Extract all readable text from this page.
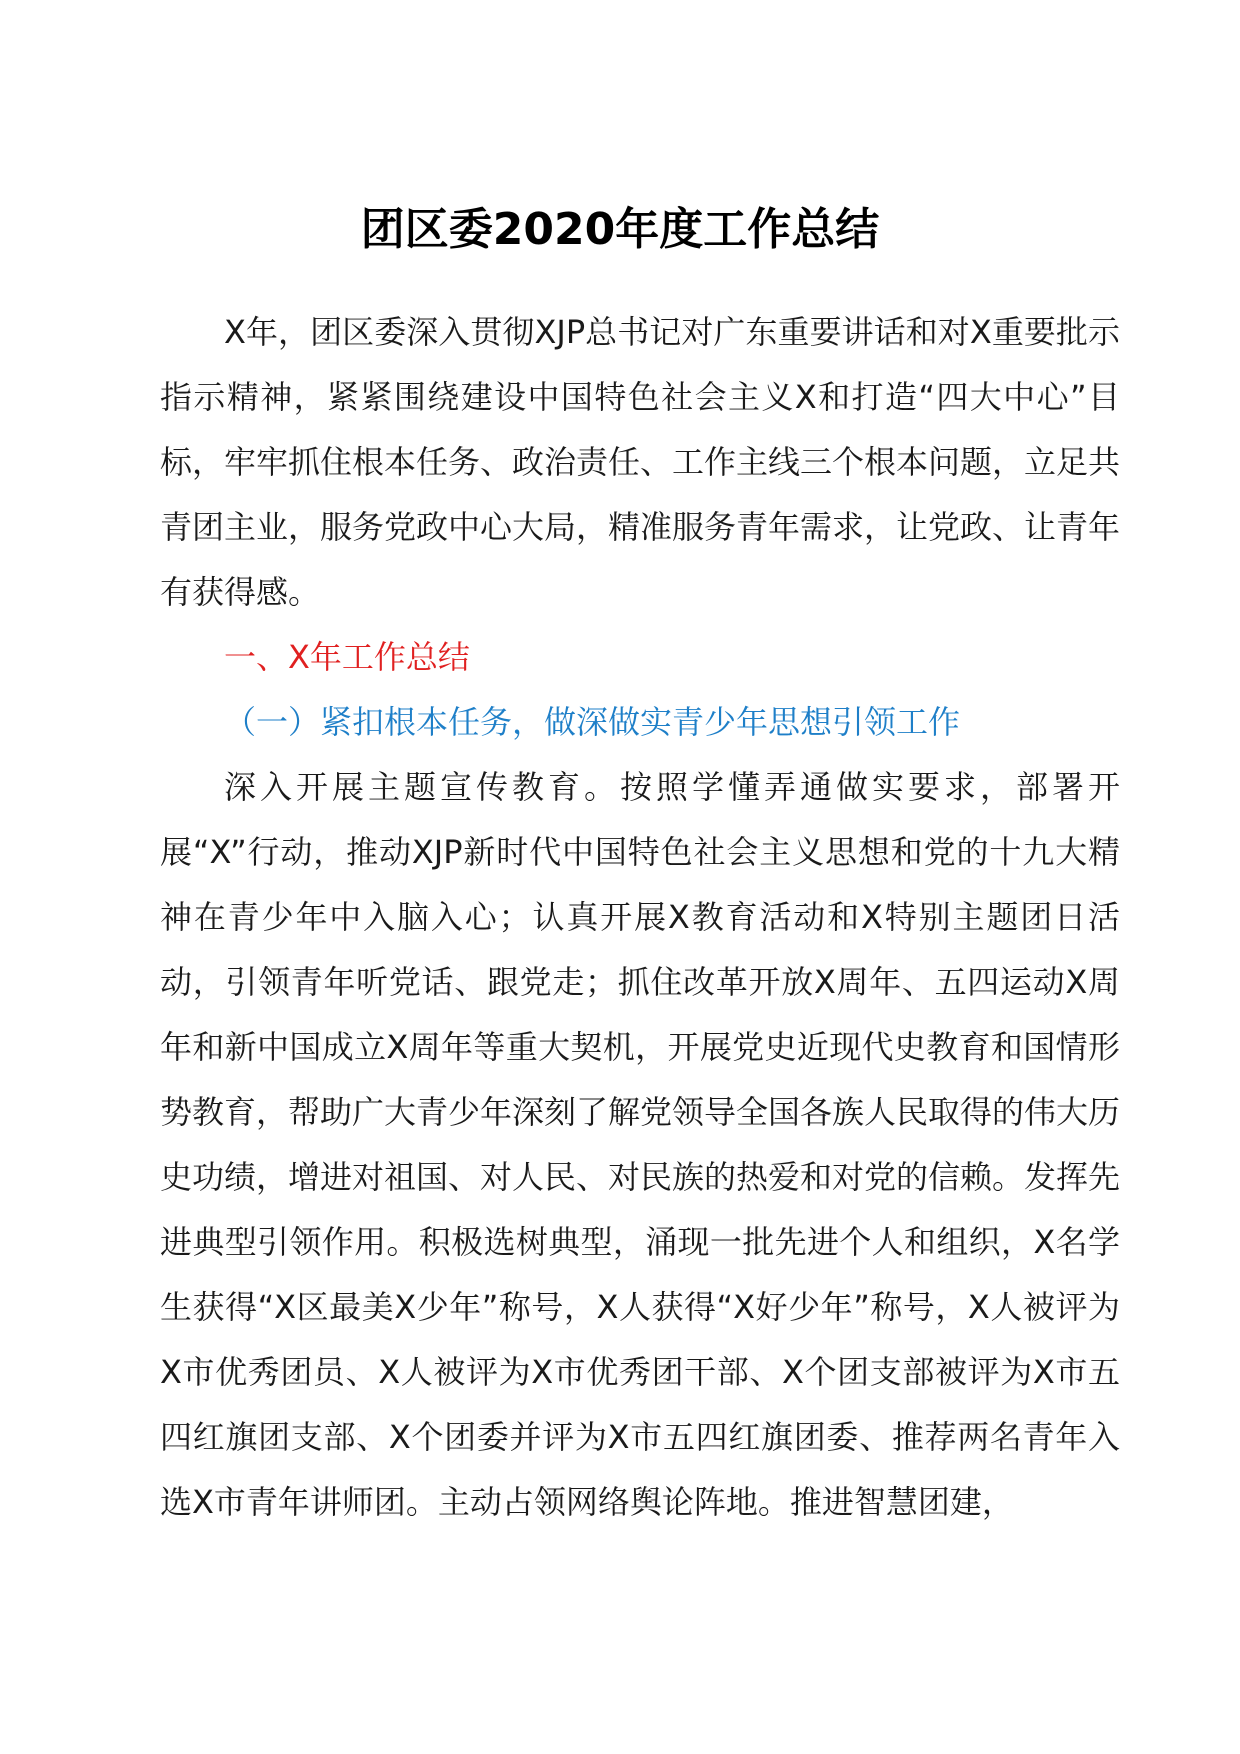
团区委2020年度工作总结

X年，团区委深入贯彻XJP总书记对广东重要讲话和对X重要批示指示精神，紧紧围绕建设中国特色社会主义X和打造“四大中心”目标，牢牢抓住根本任务、政治责任、工作主线三个根本问题，立足共青团主业，服务党政中心大局，精准服务青年需求，让党政、让青年有获得感。

一、X年工作总结

（一）紧扣根本任务，做深做实青少年思想引领工作

深入开展主题宣传教育。按照学懂弄通做实要求，部署开展“X”行动，推动XJP新时代中国特色社会主义思想和党的十九大精神在青少年中入脑入心；认真开展X教育活动和X特别主题团日活动，引领青年听党话、跟党走；抓住改革开放X周年、五四运动X周年和新中国成立X周年等重大契机，开展党史近现代史教育和国情形势教育，帮助广大青少年深刻了解党领导全国各族人民取得的伟大历史功绩，增进对祖国、对人民、对民族的热爱和对党的信赖。发挥先进典型引领作用。积极选树典型，涌现一批先进个人和组织，X名学生获得“X区最美X少年”称号，X人获得“X好少年”称号，X人被评为X市优秀团员、X人被评为X市优秀团干部、X个团支部被评为X市五四红旗团支部、X个团委并评为X市五四红旗团委、推荐两名青年入选X市青年讲师团。主动占领网络舆论阵地。推进智慧团建，
